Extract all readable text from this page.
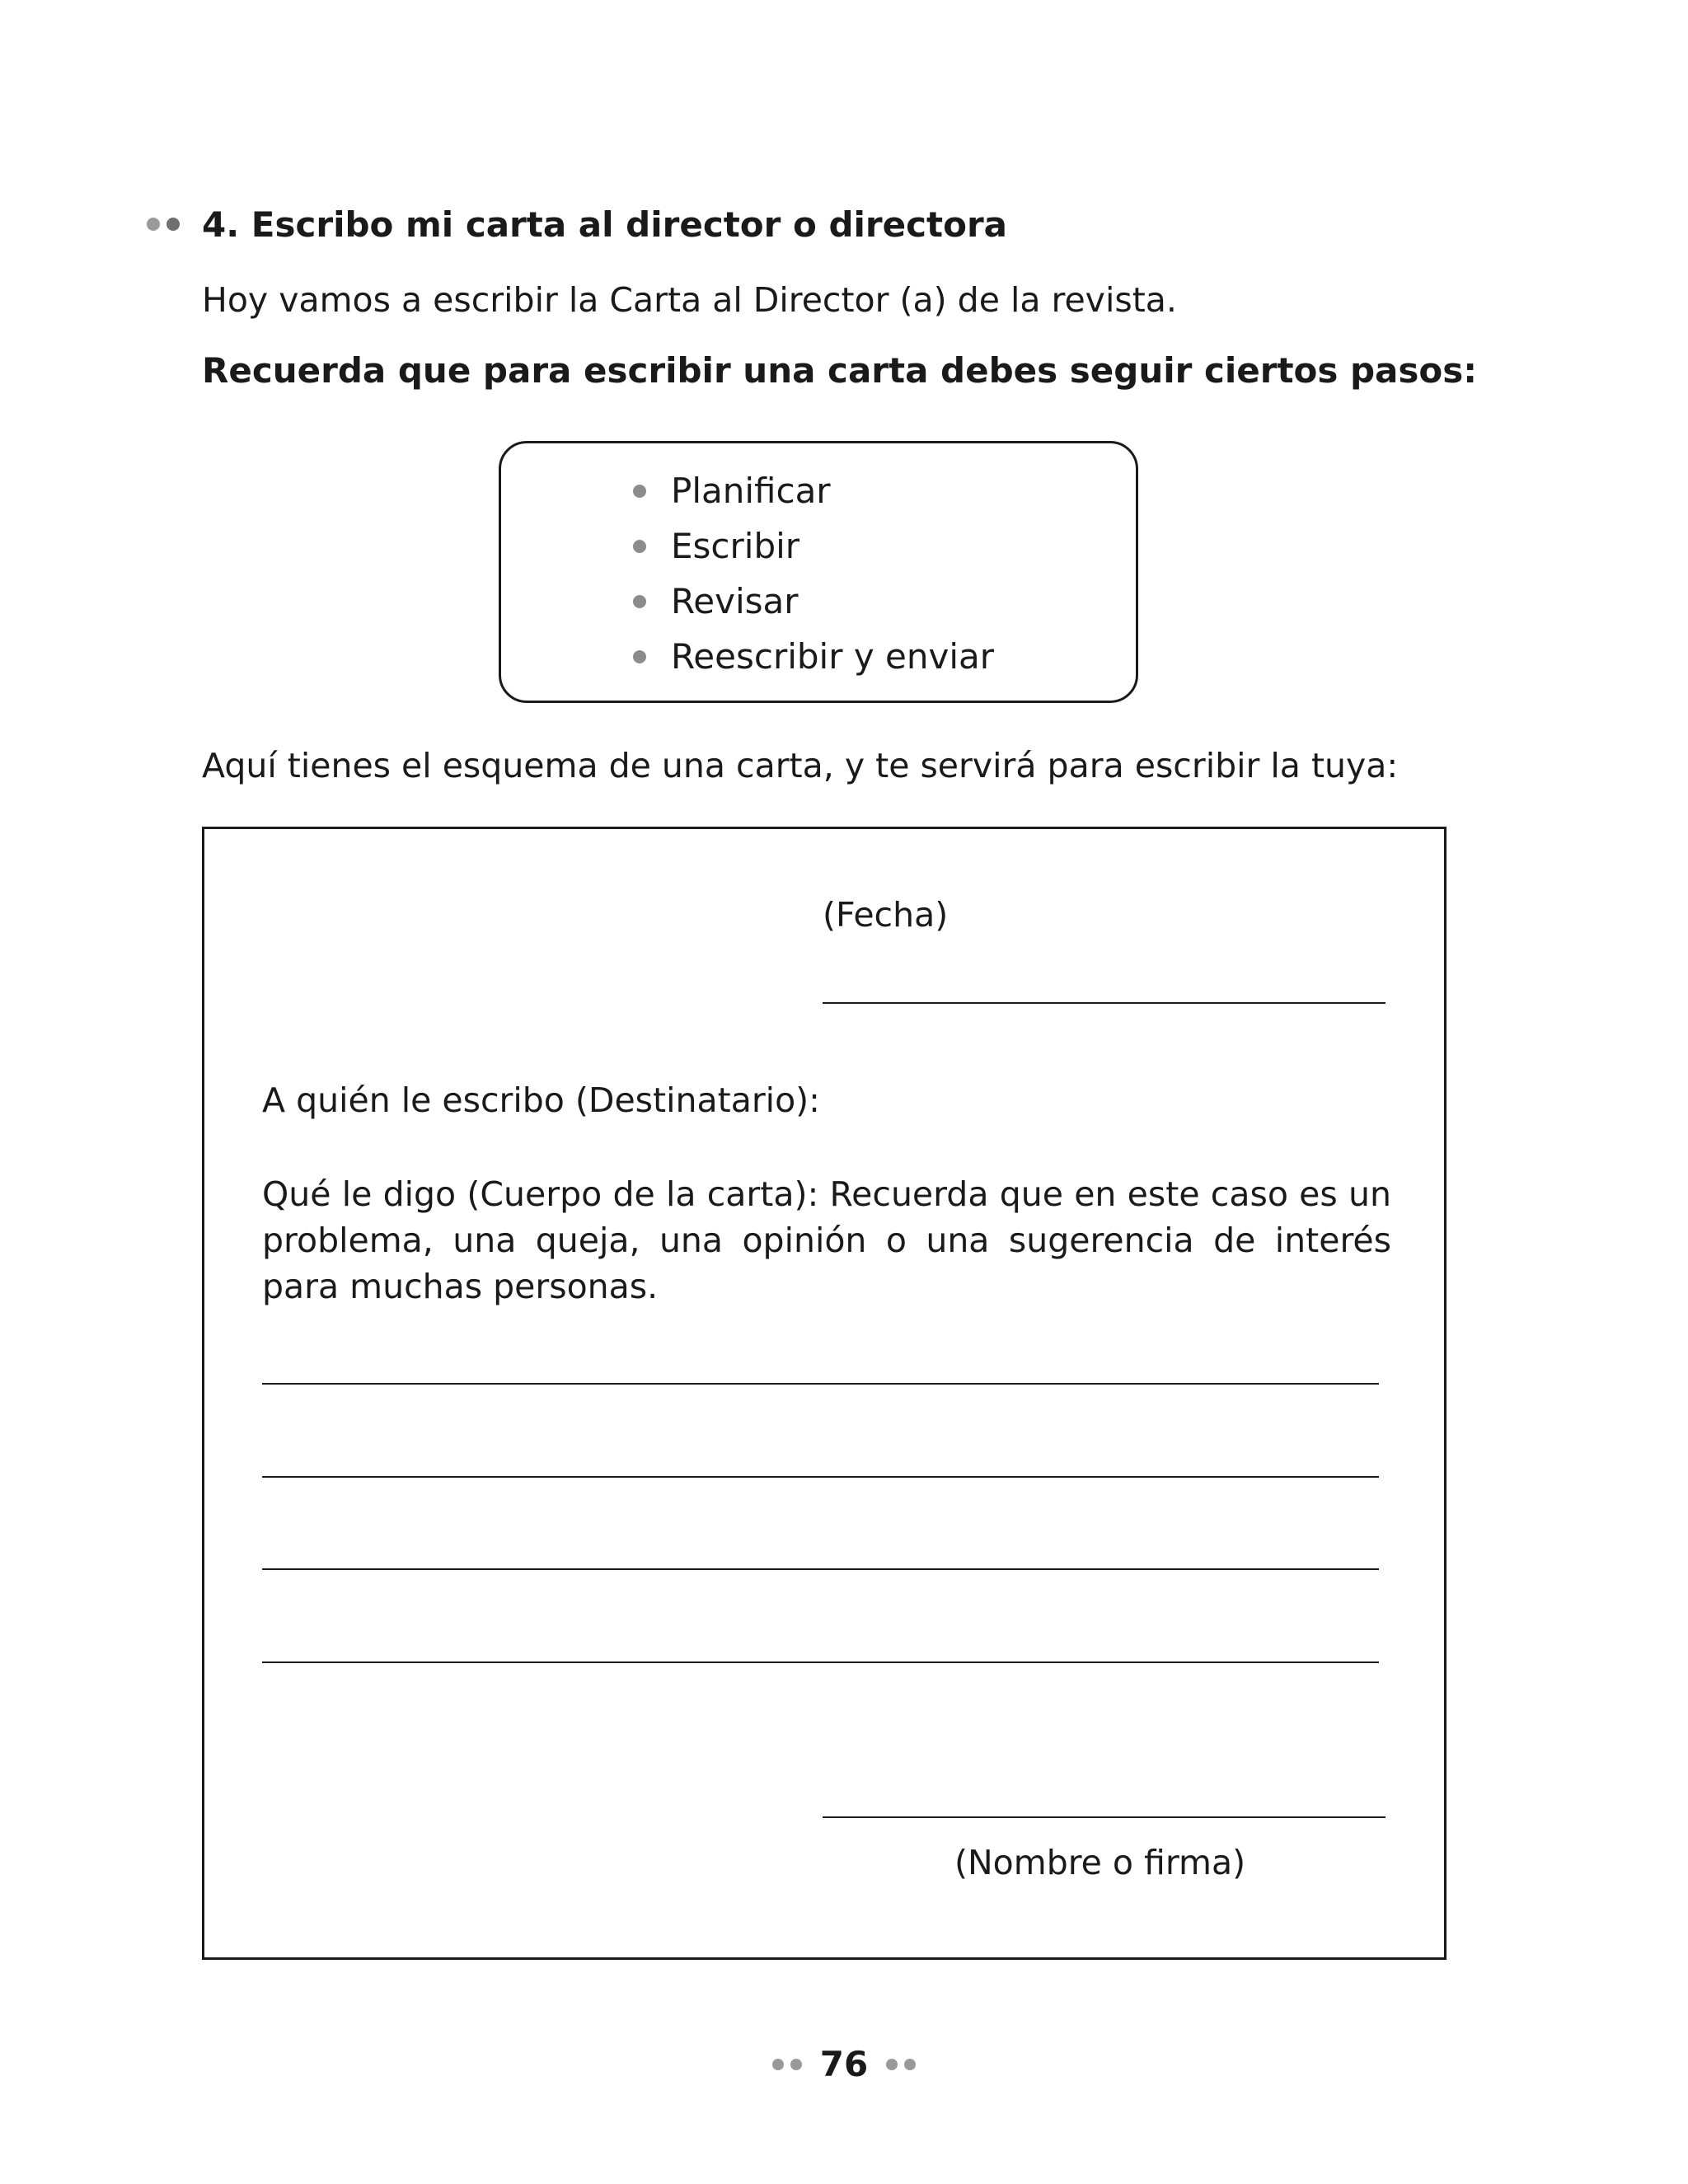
4. Escribo mi carta al director o directora
Hoy vamos a escribir la Carta al Director (a) de la revista.
Recuerda que para escribir una carta debes seguir ciertos pasos:
Planificar
Escribir
Revisar
Reescribir y enviar
Aquí tienes el esquema de una carta, y te servirá para escribir la tuya:
(Fecha)
A quién le escribo (Destinatario):

Qué le digo (Cuerpo de la carta): Recuerda que en este caso es un problema, una queja, una opinión o una sugerencia de interés para muchas personas.

(Nombre o firma)
76
